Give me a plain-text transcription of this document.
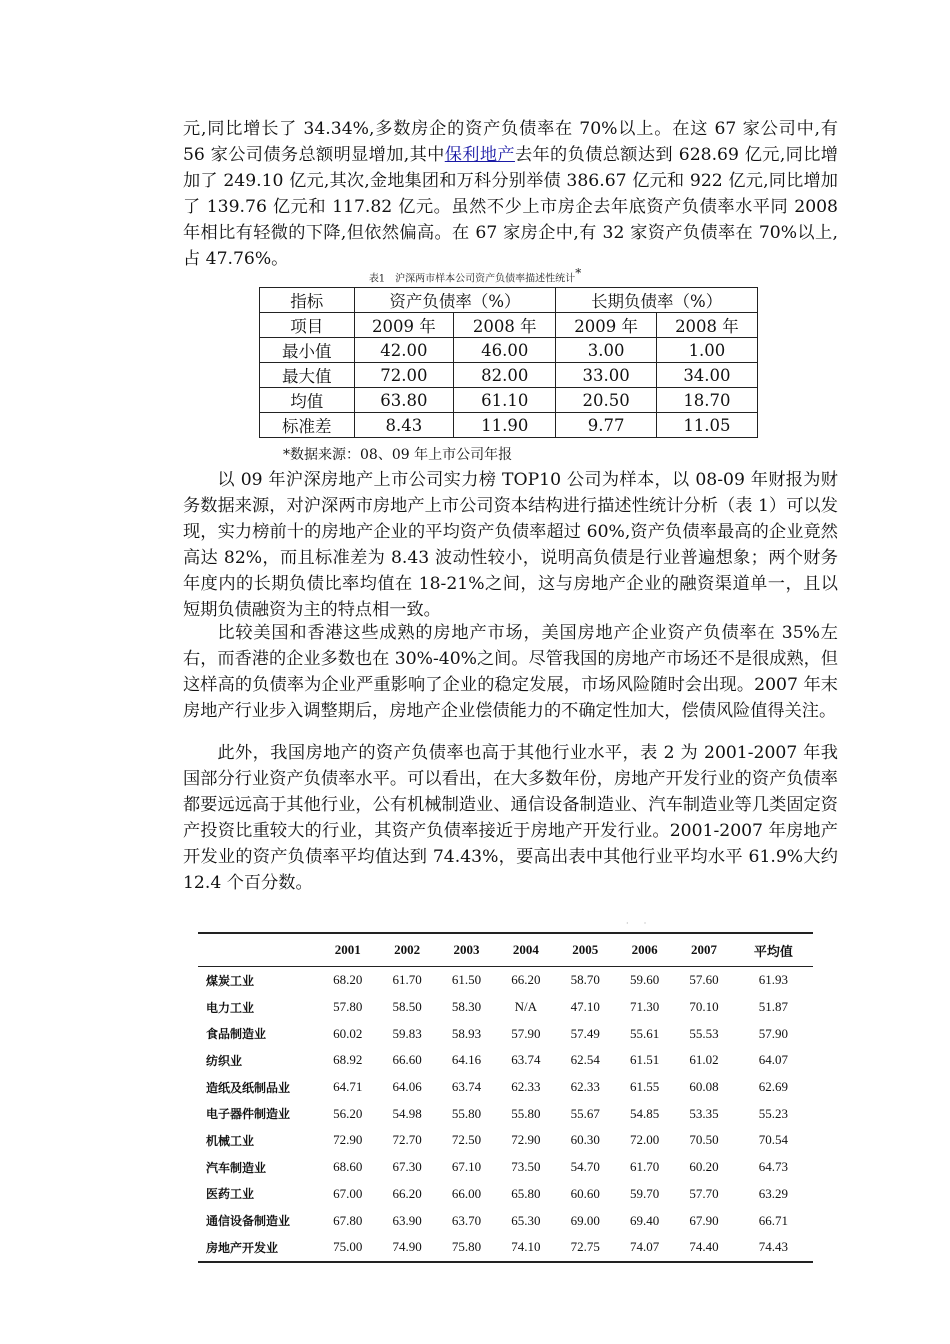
元,同比增长了 34.34%,多数房企的资产负债率在 70%以上。在这 67 家公司中,有 56 家公司债务总额明显增加,其中保利地产去年的负债总额达到 628.69 亿元,同比增加了 249.10 亿元,其次,金地集团和万科分别举债 386.67 亿元和 922 亿元,同比增加了 139.76 亿元和 117.82 亿元。虽然不少上市房企去年底资产负债率水平同 2008 年相比有轻微的下降,但依然偏高。在 67 家房企中,有 32 家资产负债率在 70%以上,占 47.76%。

表1　沪深两市样本公司资产负债率描述性统计*
指标	资产负债率（%）		长期负债率（%）	
项目	2009 年	2008 年	2009 年	2008 年
最小值	42.00	46.00	3.00	1.00
最大值	72.00	82.00	33.00	34.00
均值	63.80	61.10	20.50	18.70
标准差	8.43	11.90	9.77	11.05
*数据来源：08、09 年上市公司年报

以 09 年沪深房地产上市公司实力榜 TOP10 公司为样本，以 08-09 年财报为财务数据来源，对沪深两市房地产上市公司资本结构进行描述性统计分析（表 1）可以发现，实力榜前十的房地产企业的平均资产负债率超过 60%,资产负债率最高的企业竟然高达 82%，而且标准差为 8.43 波动性较小，说明高负债是行业普遍想象；两个财务年度内的长期负债比率均值在 18-21%之间，这与房地产企业的融资渠道单一，且以短期负债融资为主的特点相一致。

比较美国和香港这些成熟的房地产市场，美国房地产企业资产负债率在 35%左右，而香港的企业多数也在 30%-40%之间。尽管我国的房地产市场还不是很成熟，但这样高的负债率为企业严重影响了企业的稳定发展，市场风险随时会出现。2007 年末房地产行业步入调整期后，房地产企业偿债能力的不确定性加大，偿债风险值得关注。

此外，我国房地产的资产负债率也高于其他行业水平，表 2 为 2001-2007 年我国部分行业资产负债率水平。可以看出，在大多数年份，房地产开发行业的资产负债率都要远远高于其他行业，公有机械制造业、通信设备制造业、汽车制造业等几类固定资产投资比重较大的行业，其资产负债率接近于房地产开发行业。2001-2007 年房地产开发业的资产负债率平均值达到 74.43%，要高出表中其他行业平均水平 61.9%大约 12.4 个百分数。

·      ·
	2001	2002	2003	2004	2005	2006	2007	平均值
煤炭工业	68.20	61.70	61.50	66.20	58.70	59.60	57.60	61.93
电力工业	57.80	58.50	58.30	N/A	47.10	71.30	70.10	51.87
食品制造业	60.02	59.83	58.93	57.90	57.49	55.61	55.53	57.90
纺织业	68.92	66.60	64.16	63.74	62.54	61.51	61.02	64.07
造纸及纸制品业	64.71	64.06	63.74	62.33	62.33	61.55	60.08	62.69
电子器件制造业	56.20	54.98	55.80	55.80	55.67	54.85	53.35	55.23
机械工业	72.90	72.70	72.50	72.90	60.30	72.00	70.50	70.54
汽车制造业	68.60	67.30	67.10	73.50	54.70	61.70	60.20	64.73
医药工业	67.00	66.20	66.00	65.80	60.60	59.70	57.70	63.29
通信设备制造业	67.80	63.90	63.70	65.30	69.00	69.40	67.90	66.71
房地产开发业	75.00	74.90	75.80	74.10	72.75	74.07	74.40	74.43
